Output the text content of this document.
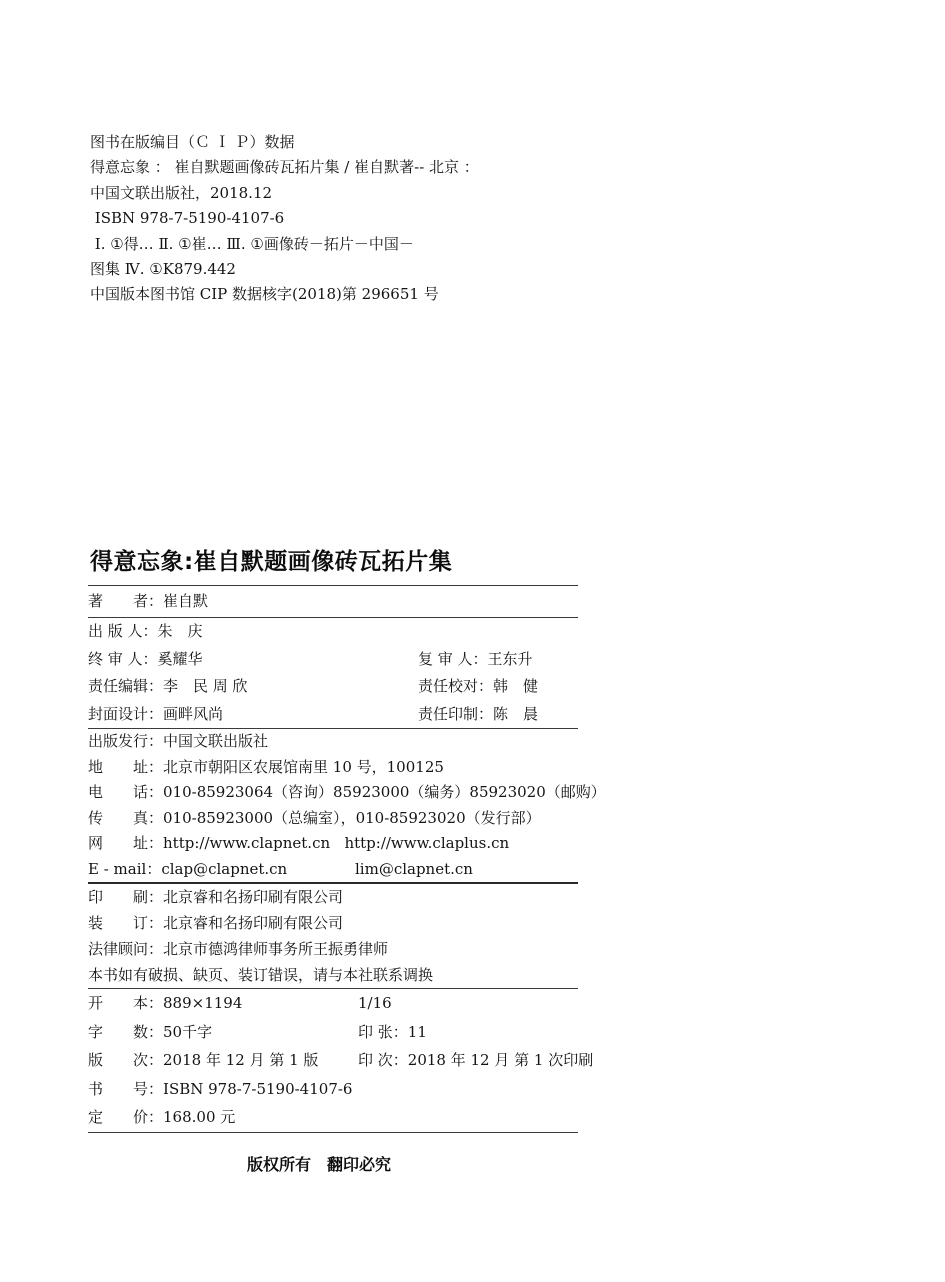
图书在版编目（Ｃ Ｉ Ｐ）数据
得意忘象 ： 崔自默题画像砖瓦拓片集 / 崔自默著-- 北京 ：
中国文联出版社，2018.12
ISBN 978-7-5190-4107-6
Ⅰ. ①得… Ⅱ. ①崔… Ⅲ. ①画像砖－拓片－中国－
图集 Ⅳ. ①K879.442
中国版本图书馆 CIP 数据核字(2018)第 296651 号
得意忘象:崔自默题画像砖瓦拓片集
著　　者：崔自默
出 版 人：朱　庆
终 审 人：奚耀华	复 审 人：王东升
责任编辑：李　民 周 欣	责任校对：韩　健
封面设计：画畔风尚	责任印制：陈　晨
出版发行：中国文联出版社
地　　址：北京市朝阳区农展馆南里 10 号，100125
电　　话：010-85923064（咨询）85923000（编务）85923020（邮购）
传　　真：010-85923000（总编室），010-85923020（发行部）
网　　址：http://www.clapnet.cn   http://www.claplus.cn
E - mail：clap@clapnet.cn	lim@clapnet.cn
印　　刷：北京睿和名扬印刷有限公司
装　　订：北京睿和名扬印刷有限公司
法律顾问：北京市德鸿律师事务所王振勇律师
本书如有破损、缺页、装订错误，请与本社联系调换
开　　本：889×1194	1/16
字　　数：50千字	印 张：11
版　　次：2018 年 12 月 第 1 版	印 次：2018 年 12 月 第 1 次印刷
书　　号：ISBN 978-7-5190-4107-6
定　　价：168.00 元
版权所有　翻印必究
